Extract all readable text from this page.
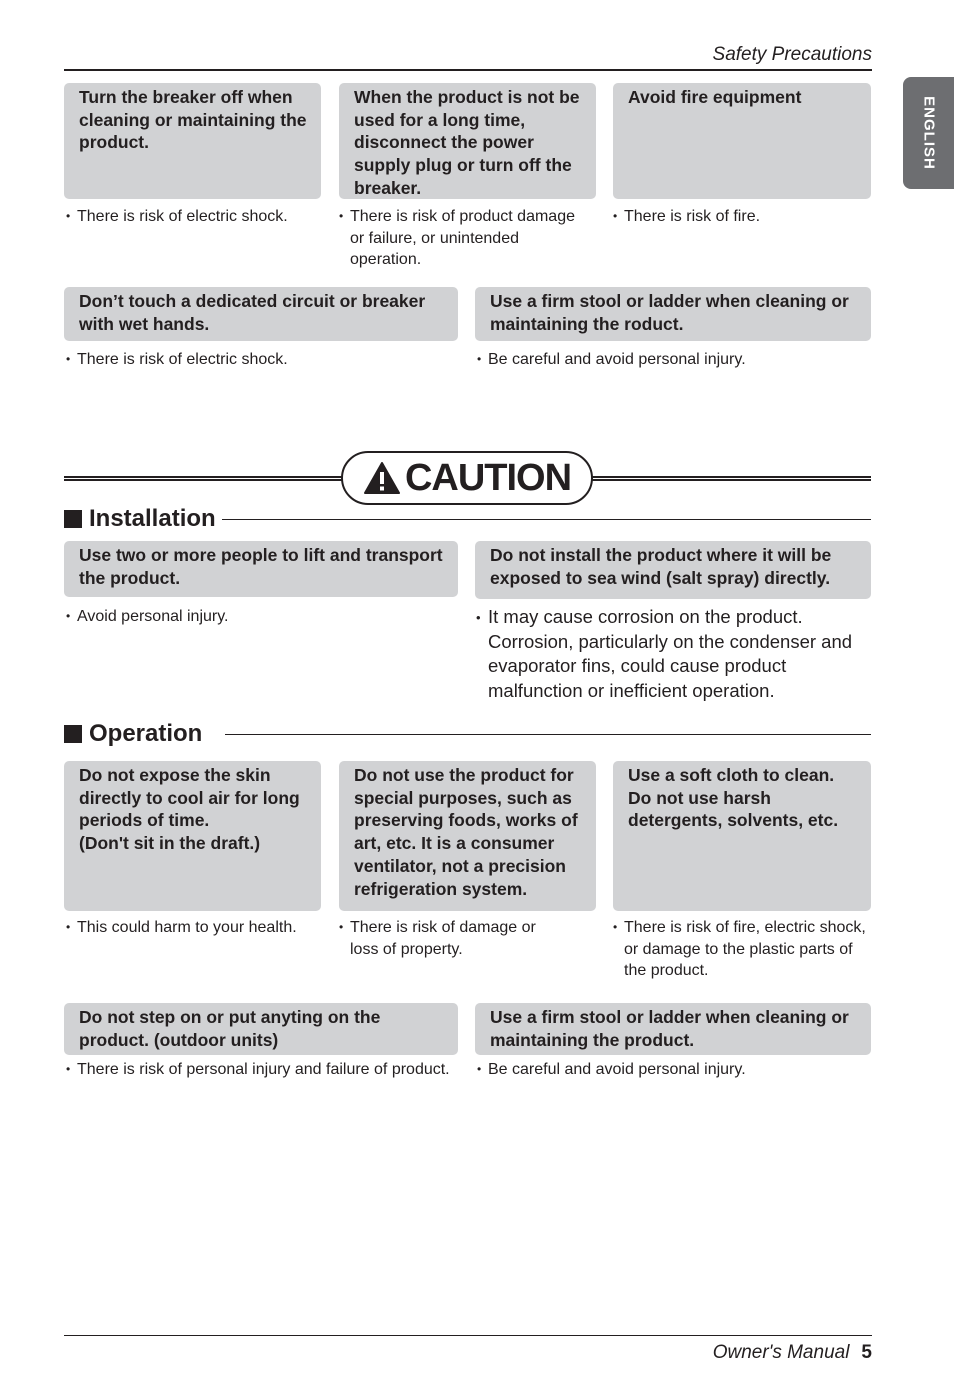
Safety Precautions
ENGLISH
Turn the breaker off when cleaning or maintaining the product.
When the product is not be used for a long time, disconnect the power supply plug or turn off the breaker.
Avoid fire equipment
• There is risk of electric shock.	• There is risk of product damage or failure, or unintended operation.
• There is risk of fire.
Don’t touch a dedicated circuit or breaker with wet hands.
Use a firm stool or ladder when cleaning or maintaining the roduct.
• There is risk of electric shock.	• Be careful and avoid personal injury.
CAUTION
Installation
Use two or more people to lift and transport the product.
Do not install the product where it will be exposed to sea wind (salt spray) directly.
• Avoid personal injury.	• It may cause corrosion on the product. Corrosion, particularly on the condenser and evaporator fins, could cause product malfunction or inefficient operation.
Operation
Do not expose the skin directly to cool air for long periods of time.
(Don't sit in the draft.)
Do not use the product for special purposes, such as preserving foods, works of art, etc. It is a consumer ventilator, not a precision refrigeration system.
Use a soft cloth to clean. Do not use harsh detergents, solvents, etc.
• This could harm to your health.	• There is risk of damage or loss of property.
• There is risk of fire, electric shock, or damage to the plastic parts of the product.
Do not step on or put anyting on the product. (outdoor units)
Use a firm stool or ladder when cleaning or maintaining the product.
• There is risk of personal injury and failure of product.	• Be careful and avoid personal injury.
Owner's Manual 5
